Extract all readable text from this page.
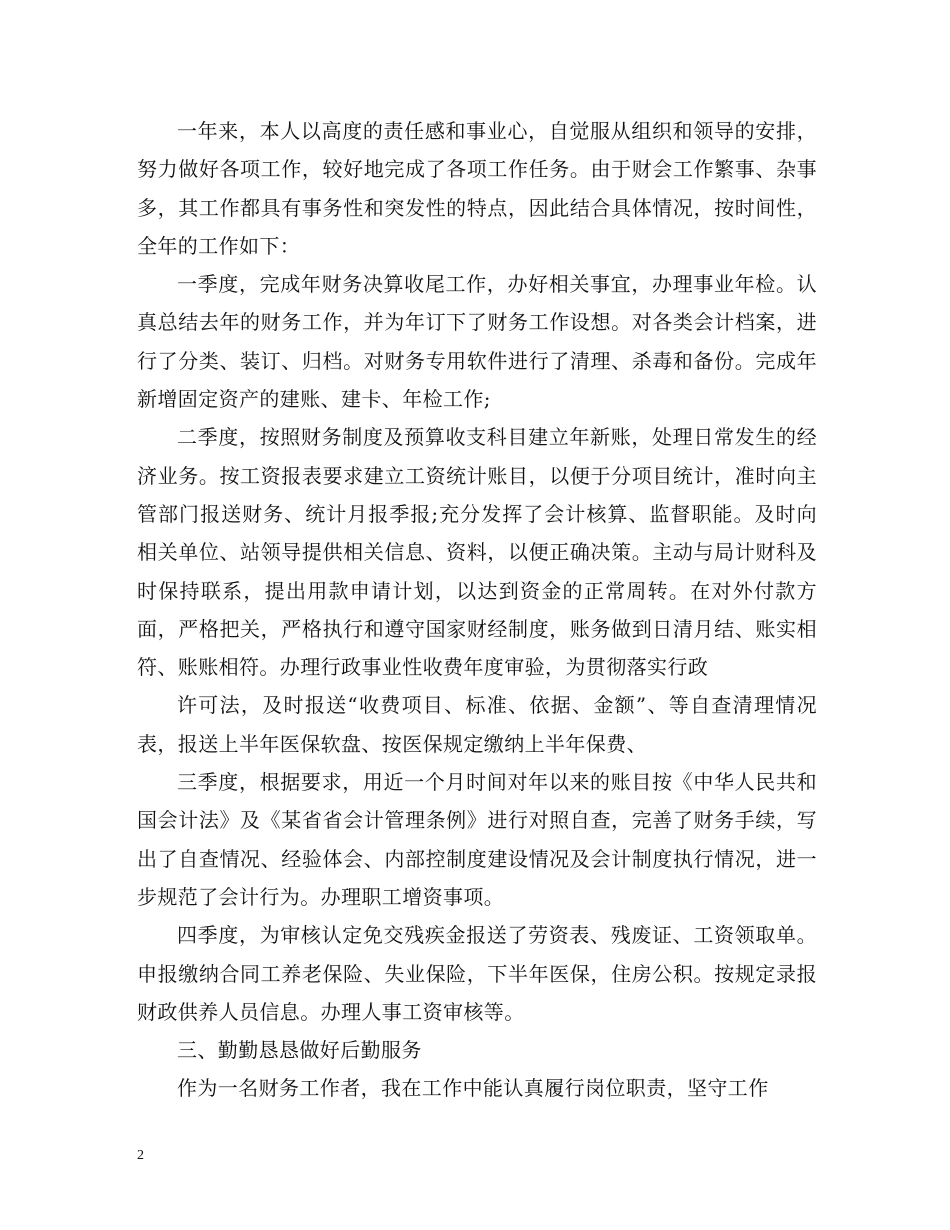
一年来，本人以高度的责任感和事业心，自觉服从组织和领导的安排，努力做好各项工作，较好地完成了各项工作任务。由于财会工作繁事、杂事多，其工作都具有事务性和突发性的特点，因此结合具体情况，按时间性，全年的工作如下：

一季度，完成年财务决算收尾工作，办好相关事宜，办理事业年检。认真总结去年的财务工作，并为年订下了财务工作设想。对各类会计档案，进行了分类、装订、归档。对财务专用软件进行了清理、杀毒和备份。完成年新增固定资产的建账、建卡、年检工作;

二季度，按照财务制度及预算收支科目建立年新账，处理日常发生的经济业务。按工资报表要求建立工资统计账目，以便于分项目统计，准时向主管部门报送财务、统计月报季报;充分发挥了会计核算、监督职能。及时向相关单位、站领导提供相关信息、资料，以便正确决策。主动与局计财科及时保持联系，提出用款申请计划，以达到资金的正常周转。在对外付款方面，严格把关，严格执行和遵守国家财经制度，账务做到日清月结、账实相符、账账相符。办理行政事业性收费年度审验，为贯彻落实行政

许可法，及时报送“收费项目、标准、依据、金额”、等自查清理情况表，报送上半年医保软盘、按医保规定缴纳上半年保费、

三季度，根据要求，用近一个月时间对年以来的账目按《中华人民共和国会计法》及《某省省会计管理条例》进行对照自查，完善了财务手续，写出了自查情况、经验体会、内部控制度建设情况及会计制度执行情况，进一步规范了会计行为。办理职工增资事项。

四季度，为审核认定免交残疾金报送了劳资表、残废证、工资领取单。申报缴纳合同工养老保险、失业保险，下半年医保，住房公积。按规定录报财政供养人员信息。办理人事工资审核等。

三、勤勤恳恳做好后勤服务

作为一名财务工作者，我在工作中能认真履行岗位职责，坚守工作

2
